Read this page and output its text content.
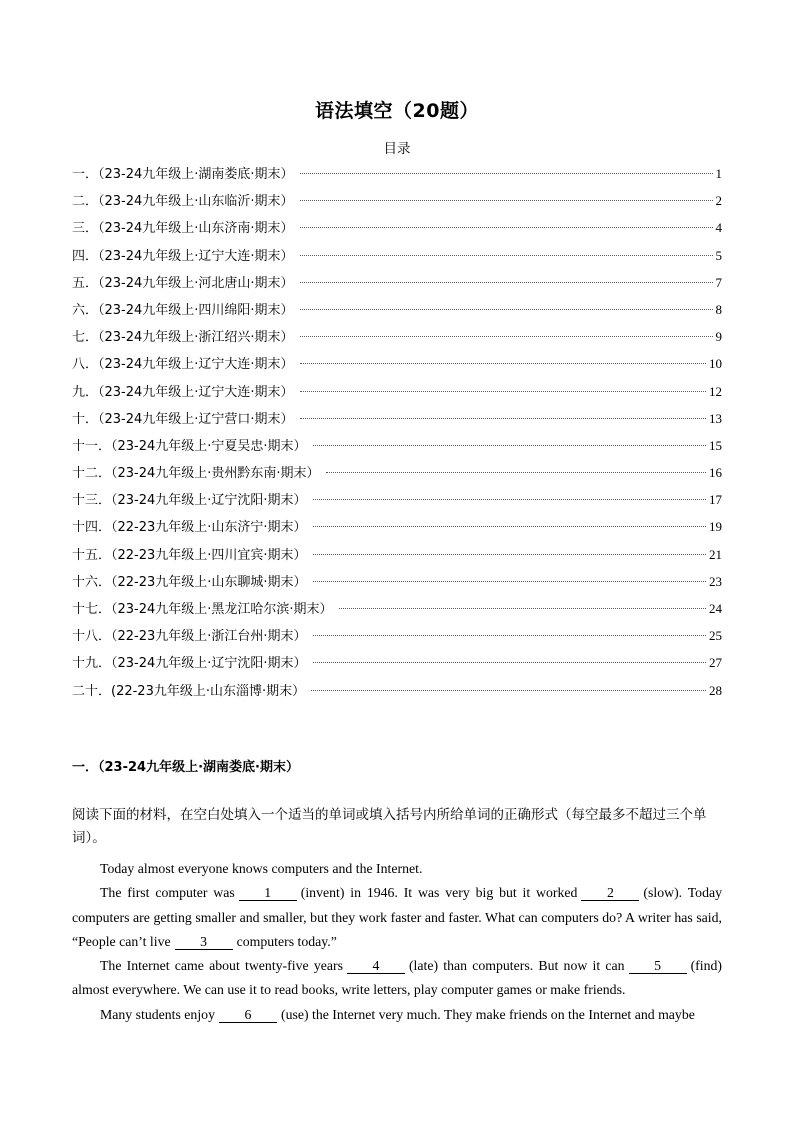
语法填空（20题）
目录
一．（23-24九年级上·湖南娄底·期末）	1
二．（23-24九年级上·山东临沂·期末）	2
三．（23-24九年级上·山东济南·期末）	4
四．（23-24九年级上·辽宁大连·期末）	5
五．（23-24九年级上·河北唐山·期末）	7
六．（23-24九年级上·四川绵阳·期末）	8
七．（23-24九年级上·浙江绍兴·期末）	9
八．（23-24九年级上·辽宁大连·期末）	10
九．（23-24九年级上·辽宁大连·期末）	12
十．（23-24九年级上·辽宁营口·期末）	13
十一．（23-24九年级上·宁夏吴忠·期末）	15
十二．（23-24九年级上·贵州黔东南·期末）	16
十三．（23-24九年级上·辽宁沈阳·期末）	17
十四．（22-23九年级上·山东济宁·期末）	19
十五．（22-23九年级上·四川宜宾·期末）	21
十六．（22-23九年级上·山东聊城·期末）	23
十七．（23-24九年级上·黑龙江哈尔滨·期末）	24
十八．（22-23九年级上·浙江台州·期末）	25
十九．（23-24九年级上·辽宁沈阳·期末）	27
二十．(22-23九年级上·山东淄博·期末）	28
一．（23-24九年级上·湖南娄底·期末）
阅读下面的材料，在空白处填入一个适当的单词或填入括号内所给单词的正确形式（每空最多不超过三个单词）。

Today almost everyone knows computers and the Internet.

The first computer was 1 (invent) in 1946. It was very big but it worked 2 (slow). Today computers are getting smaller and smaller, but they work faster and faster. What can computers do? A writer has said, “People can’t live 3 computers today.”

The Internet came about twenty-five years 4 (late) than computers. But now it can 5 (find) almost everywhere. We can use it to read books, write letters, play computer games or make friends.

Many students enjoy 6 (use) the Internet very much. They make friends on the Internet and maybe
